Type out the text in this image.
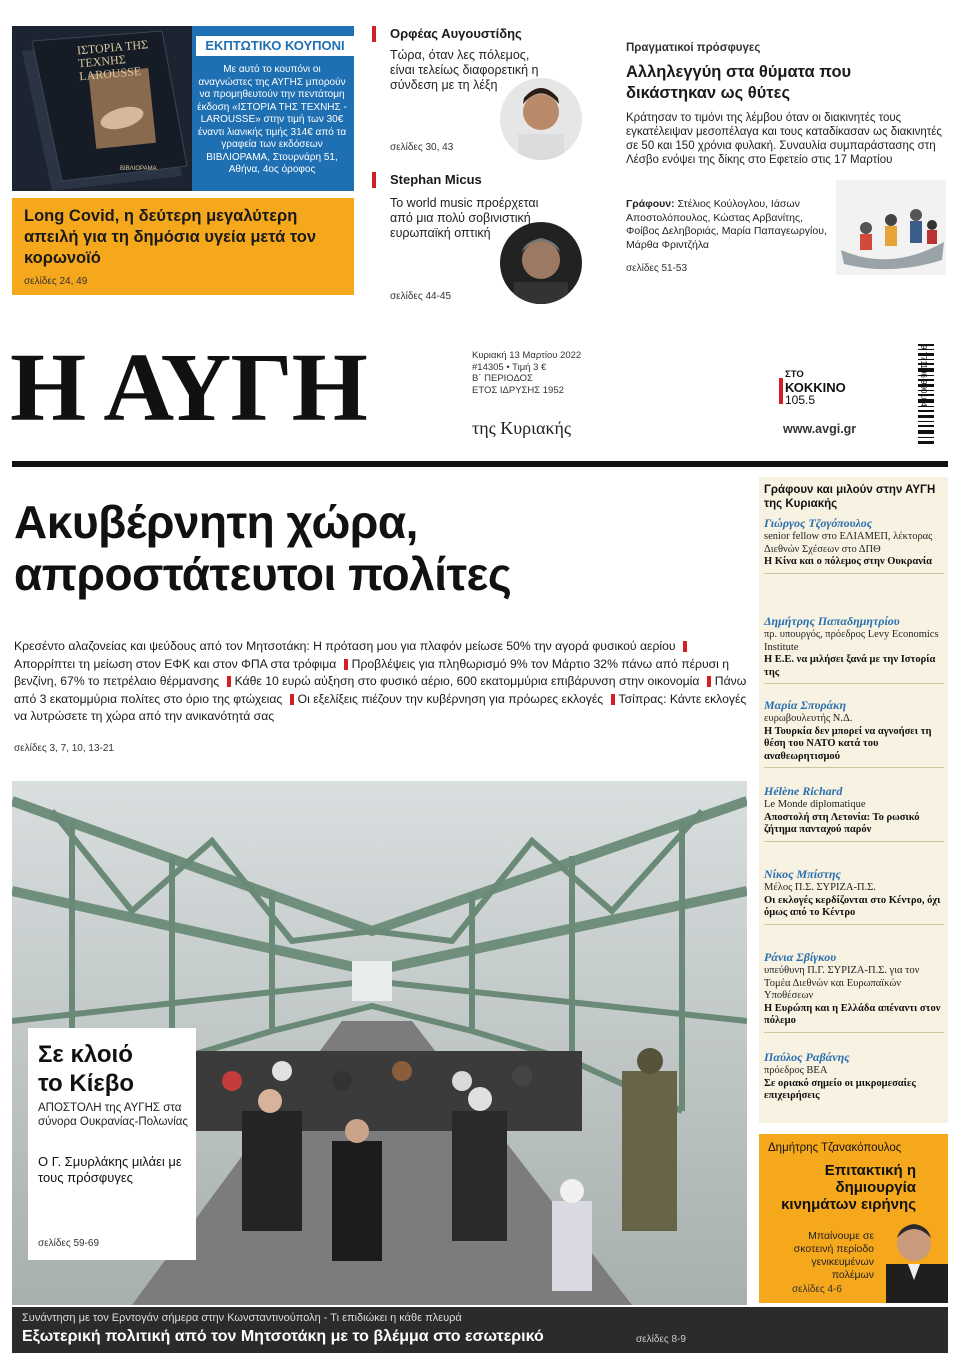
ΙΣΤΟΡΙΑ ΤΗΣ ΤΕΧΝΗΣ LAROUSSE
ΒΙΒΛΙΟΡΑΜΑ
ΕΚΠΤΩΤΙΚΟ ΚΟΥΠΟΝΙ
Με αυτό το κουπόνι οι αναγνώστες της ΑΥΓΗΣ μπορούν να προμηθευτούν την πεντάτομη έκδοση «ΙΣΤΟΡΙΑ ΤΗΣ ΤΕΧΝΗΣ - LAROUSSE» στην τιμή των 30€ έναντι λιανικής τιμής 314€ από τα γραφεία των εκδόσεων ΒΙΒΛΙΟΡΑΜΑ, Στουρνάρη 51, Αθήνα, 4ος όροφος
Long Covid, η δεύτερη μεγαλύτερη απειλή για τη δημόσια υγεία μετά τον κορωνοϊό
σελίδες 24, 49
Ορφέας Αυγουστίδης
Τώρα, όταν λες πόλεμος, είναι τελείως διαφορετική η σύνδεση με τη λέξη
σελίδες 30, 43
Stephan Micus
Το world music προέρχεται από μια πολύ σοβινιστική ευρωπαϊκή οπτική
σελίδες 44-45
Πραγματικοί πρόσφυγες
Αλληλεγγύη στα θύματα που δικάστηκαν ως θύτες
Κράτησαν το τιμόνι της λέμβου όταν οι διακινητές τους εγκατέλειψαν μεσοπέλαγα και τους καταδίκασαν ως διακινητές σε 50 και 150 χρόνια φυλακή. Συναυλία συμπαράστασης στη Λέσβο ενόψει της δίκης στο Εφετείο στις 17 Μαρτίου
Γράφουν: Στέλιος Κούλογλου, Ιάσων Αποστολόπουλος, Κώστας Αρβανίτης, Φοίβος Δεληβοριάς, Μαρία Παπαγεωργίου, Μάρθα Φριντζήλα
σελίδες 51-53
Η ΑΥΓΗ	Κυριακή 13 Μαρτίου 2022
#14305 • Τιμή 3 €
Β΄ ΠΕΡΙΟΔΟΣ
ΕΤΟΣ ΙΔΡΥΣΗΣ 1952
της Κυριακής
ΣΤΟ
ΚΟΚΚΙΝΟ
105.5
www.avgi.gr
9 771106 990104
Ακυβέρνητη χώρα,
απροστάτευτοι πολίτες
Κρεσέντο αλαζονείας και ψεύδους από τον Μητσοτάκη: Η πρόταση μου για πλαφόν μείωσε 50% την αγορά φυσικού αερίου Απορρίπτει τη μείωση στον ΕΦΚ και στον ΦΠΑ στα τρόφιμα Προβλέψεις για πληθωρισμό 9% τον Μάρτιο 32% πάνω από πέρυσι η βενζίνη, 67% το πετρέλαιο θέρμανσης Κάθε 10 ευρώ αύξηση στο φυσικό αέριο, 600 εκατομμύρια επιβάρυνση στην οικονομία Πάνω από 3 εκατομμύρια πολίτες στο όριο της φτώχειας Οι εξελίξεις πιέζουν την κυβέρνηση για πρόωρες εκλογές Τσίπρας: Κάντε εκλογές να λυτρώσετε τη χώρα από την ανικανότητά σας
σελίδες 3, 7, 10, 13-21
Σε κλοιό
το Κίεβο
ΑΠΟΣΤΟΛΗ της ΑΥΓΗΣ στα σύνορα Ουκρανίας-Πολωνίας
Ο Γ. Σμυρλάκης μιλάει με τους πρόσφυγες
σελίδες 59-69
Συνάντηση με τον Ερντογάν σήμερα στην Κωνσταντινούπολη - Τι επιδιώκει η κάθε πλευρά
Εξωτερική πολιτική από τον Μητσοτάκη με το βλέμμα στο εσωτερικό	σελίδες 8-9
Γράφουν και μιλούν στην ΑΥΓΗ της Κυριακής
Γιώργος Τζογόπουλος
senior fellow στο ΕΛΙΑΜΕΠ, λέκτορας Διεθνών Σχέσεων στο ΔΠΘ
Η Κίνα και ο πόλεμος στην Ουκρανία
Δημήτρης Παπαδημητρίου
πρ. υπουργός, πρόεδρος Levy Economics Institute
Η Ε.Ε. να μιλήσει ξανά με την Ιστορία της
Μαρία Σπυράκη
ευρωβουλευτής Ν.Δ.
Η Τουρκία δεν μπορεί να αγνοήσει τη θέση του ΝΑΤΟ κατά του αναθεωρητισμού
Hélène Richard
Le Monde diplomatique
Αποστολή στη Λετονία: Το ρωσικό ζήτημα πανταχού παρόν
Νίκος Μπίστης
Μέλος Π.Σ. ΣΥΡΙΖΑ-Π.Σ.
Οι εκλογές κερδίζονται στο Κέντρο, όχι όμως από το Κέντρο
Ράνια Σβίγκου
υπεύθυνη Π.Γ. ΣΥΡΙΖΑ-Π.Σ. για τον Τομέα Διεθνών και Ευρωπαϊκών Υποθέσεων
Η Ευρώπη και η Ελλάδα απέναντι στον πόλεμο
Παύλος Ραβάνης
πρόεδρος ΒΕΑ
Σε οριακό σημείο οι μικρομεσαίες επιχειρήσεις
Δημήτρης Τζανακόπουλος
Επιτακτική η δημιουργία κινημάτων ειρήνης
Μπαίνουμε σε σκοτεινή περίοδο γενικευμένων πολέμων
σελίδες 4-6
